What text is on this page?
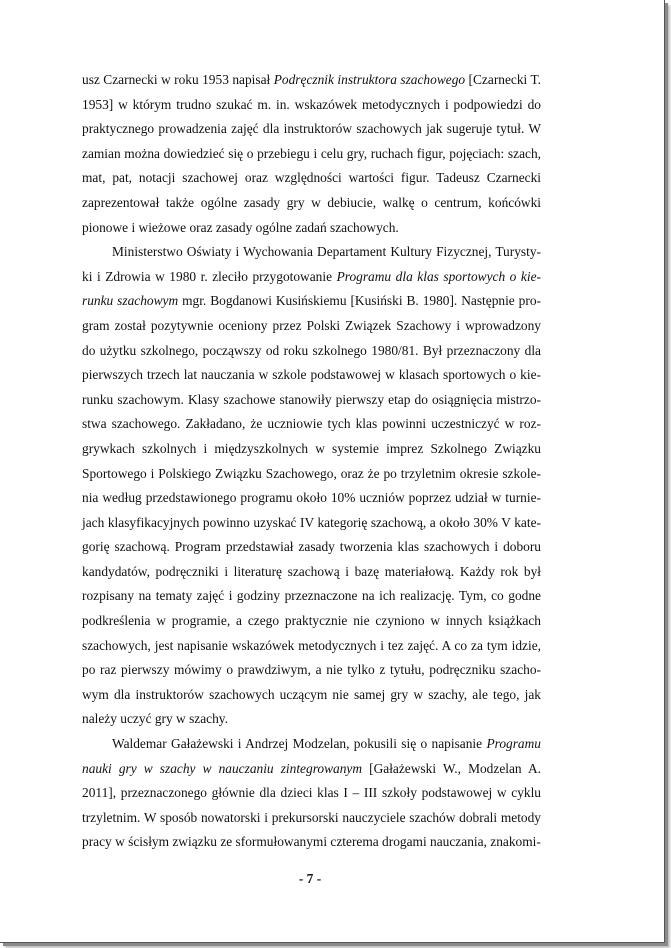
usz Czarnecki w roku 1953 napisał Podręcznik instruktora szachowego [Czarnecki T. 1953] w którym trudno szukać m. in. wskazówek metodycznych i podpowiedzi do praktycznego prowadzenia zajęć dla instruktorów szachowych jak sugeruje tytuł. W zamian można dowiedzieć się o przebiegu i celu gry, ruchach figur, pojęciach: szach, mat, pat, notacji szachowej oraz względności wartości figur. Tadeusz Czarnecki zaprezentował także ogólne zasady gry w debiucie, walkę o centrum, końcówki pionowe i wieżowe oraz zasady ogólne zadań szachowych.

Ministerstwo Oświaty i Wychowania Departament Kultury Fizycznej, Turystyki i Zdrowia w 1980 r. zleciło przygotowanie Programu dla klas sportowych o kierunku szachowym mgr. Bogdanowi Kusińskiemu [Kusiński B. 1980]. Następnie program został pozytywnie oceniony przez Polski Związek Szachowy i wprowadzony do użytku szkolnego, począwszy od roku szkolnego 1980/81. Był przeznaczony dla pierwszych trzech lat nauczania w szkole podstawowej w klasach sportowych o kierunku szachowym. Klasy szachowe stanowiły pierwszy etap do osiągnięcia mistrzostwa szachowego. Zakładano, że uczniowie tych klas powinni uczestniczyć w rozgrywkach szkolnych i międzyszkolnych w systemie imprez Szkolnego Związku Sportowego i Polskiego Związku Szachowego, oraz że po trzyletnim okresie szkolenia według przedstawionego programu około 10% uczniów poprzez udział w turniejach klasyfikacyjnych powinno uzyskać IV kategorię szachową, a około 30% V kategorię szachową. Program przedstawiał zasady tworzenia klas szachowych i doboru kandydatów, podręczniki i literaturę szachową i bazę materiałową. Każdy rok był rozpisany na tematy zajęć i godziny przeznaczone na ich realizację. Tym, co godne podkreślenia w programie, a czego praktycznie nie czyniono w innych książkach szachowych, jest napisanie wskazówek metodycznych i tez zajęć. A co za tym idzie, po raz pierwszy mówimy o prawdziwym, a nie tylko z tytułu, podręczniku szachowym dla instruktorów szachowych uczącym nie samej gry w szachy, ale tego, jak należy uczyć gry w szachy.

Waldemar Gałażewski i Andrzej Modzelan, pokusili się o napisanie Programu nauki gry w szachy w nauczaniu zintegrowanym [Gałażewski W., Modzelan A. 2011], przeznaczonego głównie dla dzieci klas I – III szkoły podstawowej w cyklu trzyletnim. W sposób nowatorski i prekursorski nauczyciele szachów dobrali metody pracy w ścisłym związku ze sformułowanymi czterema drogami nauczania, znakomi-

- 7 -
